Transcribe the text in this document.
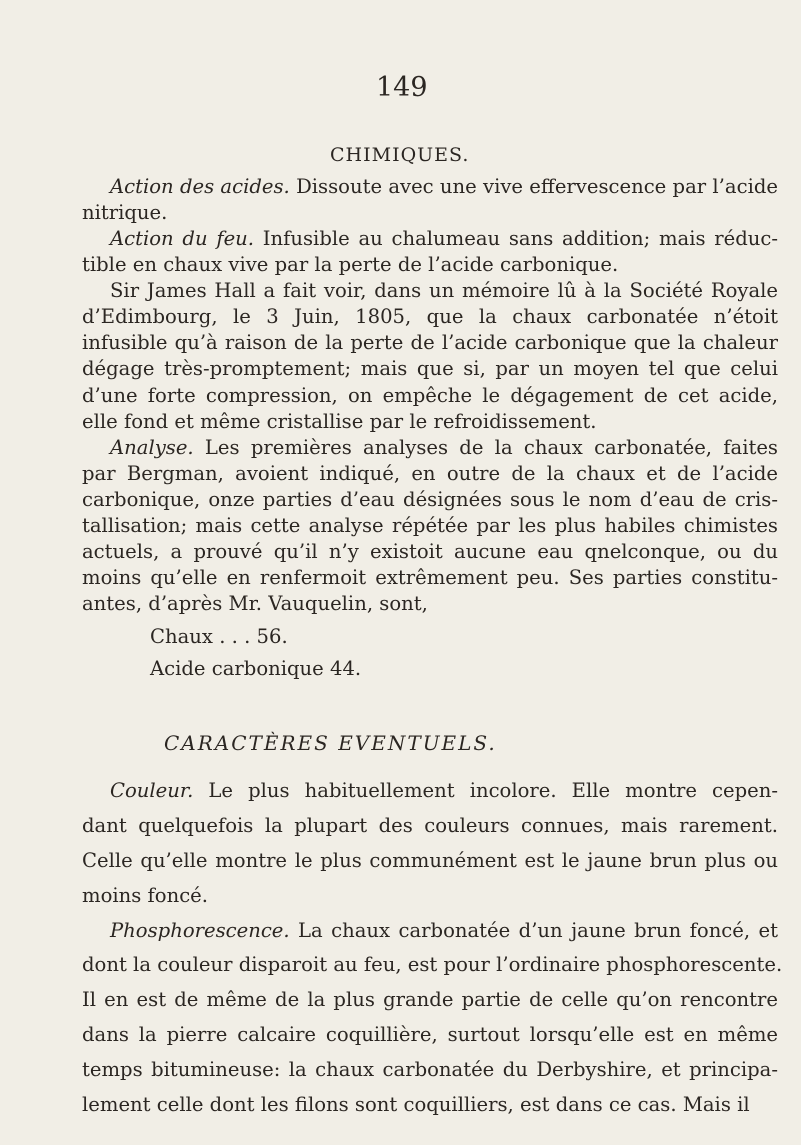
149
CHIMIQUES.
Action des acides. Dissoute avec une vive effervescence par l’acide
nitrique.
Action du feu. Infusible au chalumeau sans addition; mais réduc-
tible en chaux vive par la perte de l’acide carbonique.
Sir James Hall a fait voir, dans un mémoire lû à la Société Royale
d’Edimbourg, le 3 Juin, 1805, que la chaux carbonatée n’étoit
infusible qu’à raison de la perte de l’acide carbonique que la chaleur
dégage très-promptement; mais que si, par un moyen tel que celui
d’une forte compression, on empêche le dégagement de cet acide,
elle fond et même cristallise par le refroidissement.
Analyse. Les premières analyses de la chaux carbonatée, faites
par Bergman, avoient indiqué, en outre de la chaux et de l’acide
carbonique, onze parties d’eau désignées sous le nom d’eau de cris-
tallisation; mais cette analyse répétée par les plus habiles chimistes
actuels, a prouvé qu’il n’y existoit aucune eau qnelconque, ou du
moins qu’elle en renfermoit extrêmement peu. Ses parties constitu-
antes, d’après Mr. Vauquelin, sont,
Chaux . . . 56.
Acide carbonique 44.
CARACTÈRES EVENTUELS.
Couleur. Le plus habituellement incolore. Elle montre cepen-
dant quelquefois la plupart des couleurs connues, mais rarement.
Celle qu’elle montre le plus communément est le jaune brun plus ou
moins foncé.
Phosphorescence. La chaux carbonatée d’un jaune brun foncé, et
dont la couleur disparoit au feu, est pour l’ordinaire phosphorescente.
Il en est de même de la plus grande partie de celle qu’on rencontre
dans la pierre calcaire coquillière, surtout lorsqu’elle est en même
temps bitumineuse: la chaux carbonatée du Derbyshire, et principa-
lement celle dont les filons sont coquilliers, est dans ce cas. Mais il
